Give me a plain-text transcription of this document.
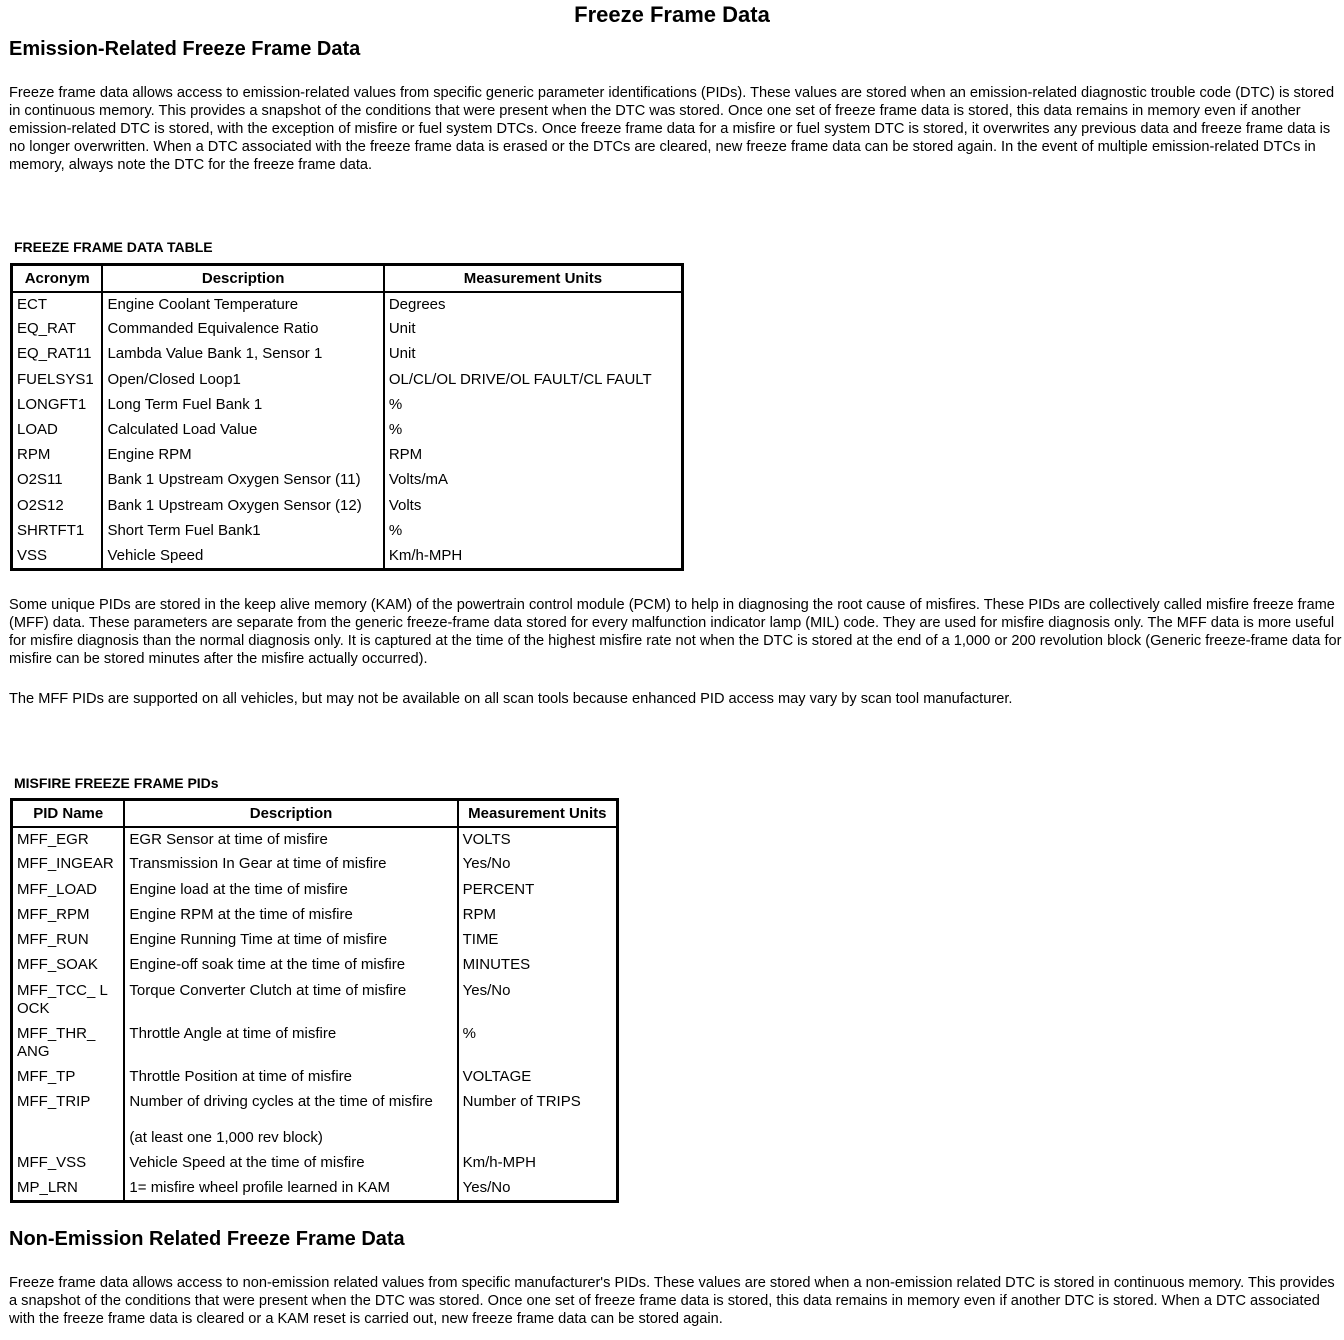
Freeze Frame Data
Emission-Related Freeze Frame Data

Freeze frame data allows access to emission-related values from specific generic parameter identifications (PIDs). These values are stored when an emission-related diagnostic trouble code (DTC) is stored in continuous memory. This provides a snapshot of the conditions that were present when the DTC was stored. Once one set of freeze frame data is stored, this data remains in memory even if another emission-related DTC is stored, with the exception of misfire or fuel system DTCs. Once freeze frame data for a misfire or fuel system DTC is stored, it overwrites any previous data and freeze frame data is no longer overwritten. When a DTC associated with the freeze frame data is erased or the DTCs are cleared, new freeze frame data can be stored again. In the event of multiple emission-related DTCs in memory, always note the DTC for the freeze frame data.

FREEZE FRAME DATA TABLE
Acronym	Description	Measurement Units
ECT	Engine Coolant Temperature	Degrees
EQ_RAT	Commanded Equivalence Ratio	Unit
EQ_RAT11	Lambda Value Bank 1, Sensor 1	Unit
FUELSYS1	Open/Closed Loop1	OL/CL/OL DRIVE/OL FAULT/CL FAULT
LONGFT1	Long Term Fuel Bank 1	%
LOAD	Calculated Load Value	%
RPM	Engine RPM	RPM
O2S11	Bank 1 Upstream Oxygen Sensor (11)	Volts/mA
O2S12	Bank 1 Upstream Oxygen Sensor (12)	Volts
SHRTFT1	Short Term Fuel Bank1	%
VSS	Vehicle Speed	Km/h-MPH

Some unique PIDs are stored in the keep alive memory (KAM) of the powertrain control module (PCM) to help in diagnosing the root cause of misfires. These PIDs are collectively called misfire freeze frame (MFF) data. These parameters are separate from the generic freeze-frame data stored for every malfunction indicator lamp (MIL) code. They are used for misfire diagnosis only. The MFF data is more useful for misfire diagnosis than the normal diagnosis only. It is captured at the time of the highest misfire rate not when the DTC is stored at the end of a 1,000 or 200 revolution block (Generic freeze-frame data for misfire can be stored minutes after the misfire actually occurred).

The MFF PIDs are supported on all vehicles, but may not be available on all scan tools because enhanced PID access may vary by scan tool manufacturer.

MISFIRE FREEZE FRAME PIDs
PID Name	Description	Measurement Units
MFF_EGR	EGR Sensor at time of misfire	VOLTS
MFF_INGEAR	Transmission In Gear at time of misfire	Yes/No
MFF_LOAD	Engine load at the time of misfire	PERCENT
MFF_RPM	Engine RPM at the time of misfire	RPM
MFF_RUN	Engine Running Time at time of misfire	TIME
MFF_SOAK	Engine-off soak time at the time of misfire	MINUTES
MFF_TCC_ LOCK	Torque Converter Clutch at time of misfire	Yes/No
MFF_THR_ ANG	Throttle Angle at time of misfire	%
MFF_TP	Throttle Position at time of misfire	VOLTAGE
MFF_TRIP	Number of driving cycles at the time of misfire	Number of TRIPS
	(at least one 1,000 rev block)	
MFF_VSS	Vehicle Speed at the time of misfire	Km/h-MPH
MP_LRN	1= misfire wheel profile learned in KAM	Yes/No
Non-Emission Related Freeze Frame Data

Freeze frame data allows access to non-emission related values from specific manufacturer's PIDs. These values are stored when a non-emission related DTC is stored in continuous memory. This provides a snapshot of the conditions that were present when the DTC was stored. Once one set of freeze frame data is stored, this data remains in memory even if another DTC is stored. When a DTC associated with the freeze frame data is cleared or a KAM reset is carried out, new freeze frame data can be stored again.
